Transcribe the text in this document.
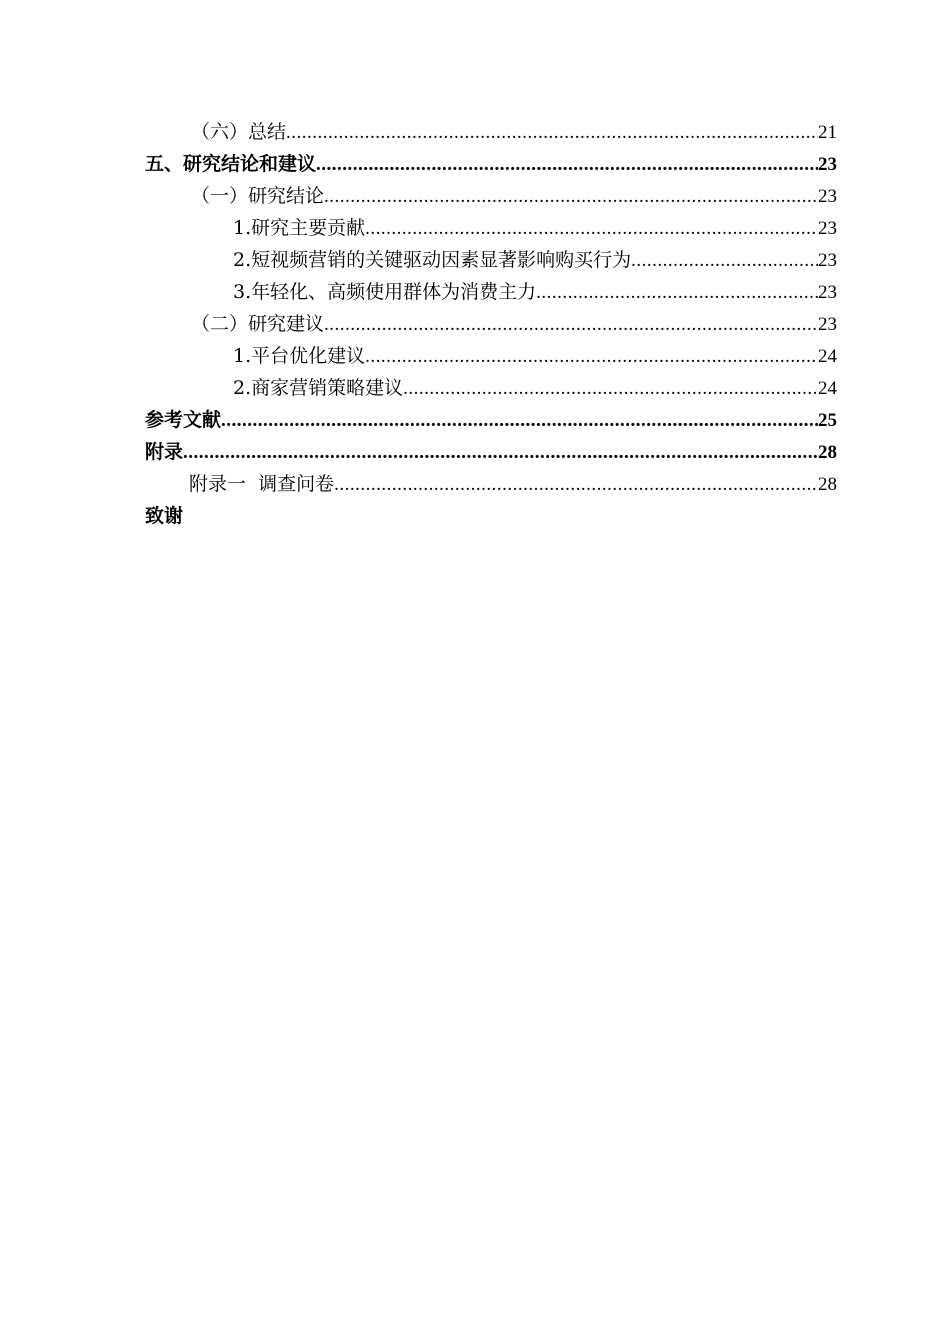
（六）总结 .....	21
五、研究结论和建议 .....	23
（一）研究结论 .....	23
1.研究主要贡献 .....	23
2.短视频营销的关键驱动因素显著影响购买行为 .....	23
3.年轻化、高频使用群体为消费主力 .....	23
（二）研究建议 .....	23
1.平台优化建议 .....	24
2.商家营销策略建议 .....	24
参考文献 .....	25
附录 .....	28
附录一  调查问卷 .....	28
致谢
